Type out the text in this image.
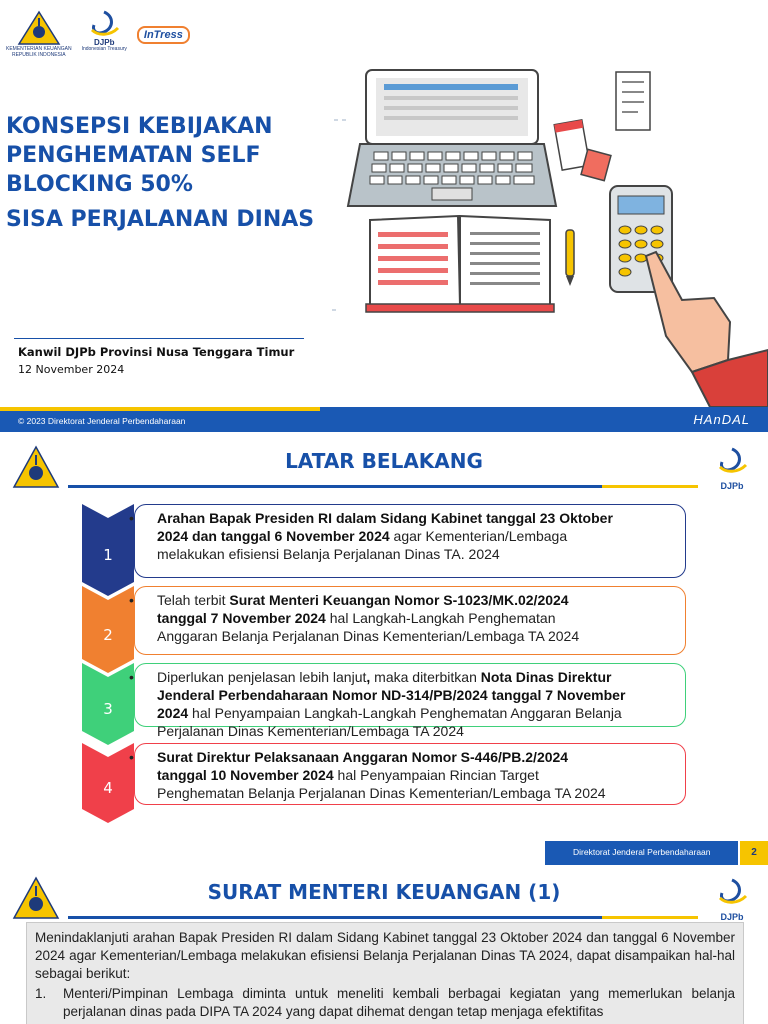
KEMENTERIAN KEUANGAN
REPUBLIK INDONESIA
DJPb
Indonesian Treasury
InTress
KONSEPSI KEBIJAKAN
PENGHEMATAN SELF
BLOCKING 50%
SISA PERJALANAN DINAS
Kanwil DJPb Provinsi Nusa Tenggara Timur
12 November 2024
© 2023 Direktorat Jenderal Perbendaharaan	HAnDAL
LATAR BELAKANG
DJPb
1
• Arahan Bapak Presiden RI dalam Sidang Kabinet tanggal 23 Oktober
2024 dan tanggal 6 November 2024 agar Kementerian/Lembaga
melakukan efisiensi Belanja Perjalanan Dinas TA. 2024
2
• Telah terbit Surat Menteri Keuangan Nomor S-1023/MK.02/2024
tanggal 7 November 2024 hal Langkah-Langkah Penghematan
Anggaran Belanja Perjalanan Dinas Kementerian/Lembaga TA 2024
3
• Diperlukan penjelasan lebih lanjut, maka diterbitkan Nota Dinas Direktur
Jenderal Perbendaharaan Nomor ND-314/PB/2024 tanggal 7 November
2024 hal Penyampaian Langkah-Langkah Penghematan Anggaran Belanja
Perjalanan Dinas Kementerian/Lembaga TA 2024
4
• Surat Direktur Pelaksanaan Anggaran Nomor S-446/PB.2/2024
tanggal 10 November 2024 hal Penyampaian Rincian Target
Penghematan Belanja Perjalanan Dinas Kementerian/Lembaga TA 2024
Direktorat Jenderal Perbendaharaan	2
SURAT MENTERI KEUANGAN (1)
DJPb
Menindaklanjuti arahan Bapak Presiden RI dalam Sidang Kabinet tanggal 23 Oktober 2024 dan tanggal 6 November 2024 agar Kementerian/Lembaga melakukan efisiensi Belanja Perjalanan Dinas TA 2024, dapat disampaikan hal-hal sebagai berikut:
1.	Menteri/Pimpinan Lembaga diminta untuk meneliti kembali berbagai kegiatan yang memerlukan belanja perjalanan dinas pada DIPA TA 2024 yang dapat dihemat dengan tetap menjaga efektifitas
